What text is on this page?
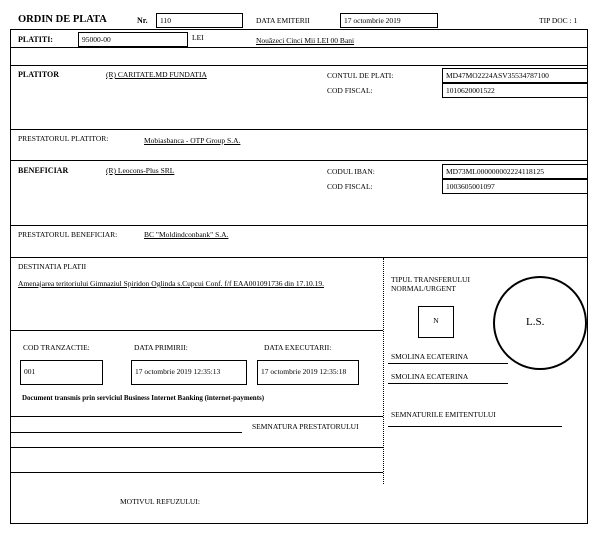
ORDIN DE PLATA	Nr.	110	DATA EMITERII	17 octombrie 2019	TIP DOC : 1
PLATITI:	95000-00	LEI	Nouăzeci Cinci Mii LEI 00 Bani
PLATITOR	(R) CARITATE.MD FUNDATIA	CONTUL DE PLATI:	MD47MO2224ASV35534787100
COD FISCAL:	1010620001522
PRESTATORUL PLATITOR:	Mobiasbanca - OTP Group S.A.
BENEFICIAR	(R) Leocons-Plus SRL	CODUL IBAN:	MD73ML000000002224118125
COD FISCAL:	1003605001097
PRESTATORUL BENEFICIAR:	BC "Moldindconbank" S.A.
DESTINATIA PLATII
Amenajarea teritoriului Gimnaziul Spiridon Oglinda s.Cupcui Conf. f/f EAA001091736 din 17.10.19.	TIPUL TRANSFERULUI
NORMAL/URGENT
N	L.S.
COD TRANZACTIE:	DATA PRIMIRII:	DATA EXECUTARII:
001	17 octombrie 2019 12:35:13	17 octombrie 2019 12:35:18
SMOLINA ECATERINA
SMOLINA ECATERINA
Document transmis prin serviciul Business Internet Banking (internet-payments)
SEMNATURILE EMITENTULUI
SEMNATURA PRESTATORULUI
MOTIVUL REFUZULUI:
